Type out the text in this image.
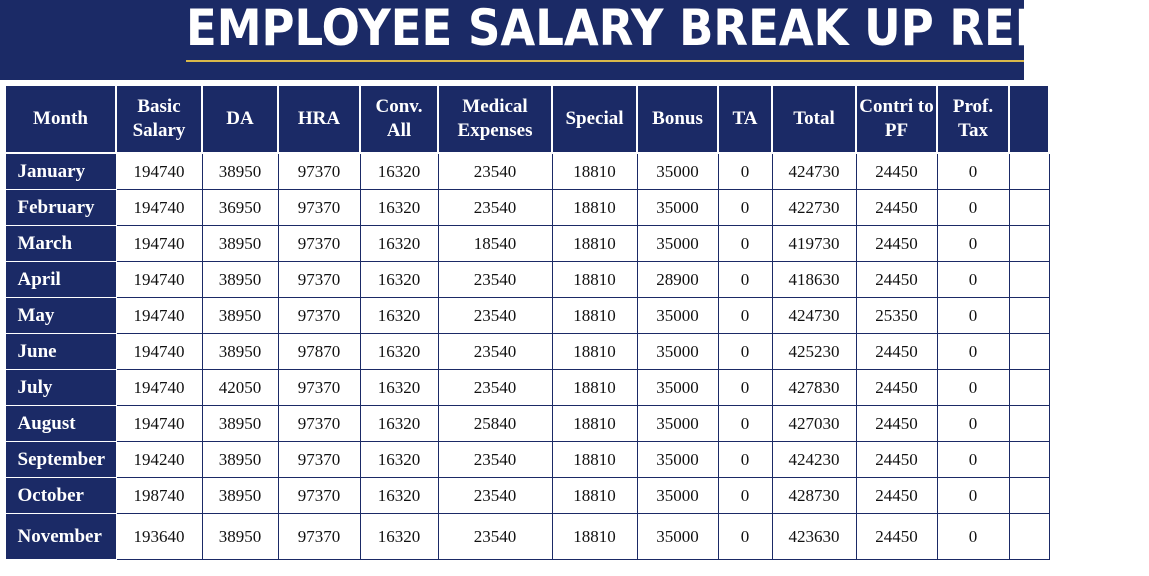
EMPLOYEE SALARY BREAK UP REPORT
Month	Basic Salary	DA	HRA	Conv. All	Medical Expenses	Special	Bonus	TA	Total	Contri to PF	Prof. Tax	
January	194740	38950	97370	16320	23540	18810	35000	0	424730	24450	0	
February	194740	36950	97370	16320	23540	18810	35000	0	422730	24450	0	
March	194740	38950	97370	16320	18540	18810	35000	0	419730	24450	0	
April	194740	38950	97370	16320	23540	18810	28900	0	418630	24450	0	
May	194740	38950	97370	16320	23540	18810	35000	0	424730	25350	0	
June	194740	38950	97870	16320	23540	18810	35000	0	425230	24450	0	
July	194740	42050	97370	16320	23540	18810	35000	0	427830	24450	0	
August	194740	38950	97370	16320	25840	18810	35000	0	427030	24450	0	
September	194240	38950	97370	16320	23540	18810	35000	0	424230	24450	0	
October	198740	38950	97370	16320	23540	18810	35000	0	428730	24450	0	
November	193640	38950	97370	16320	23540	18810	35000	0	423630	24450	0	
